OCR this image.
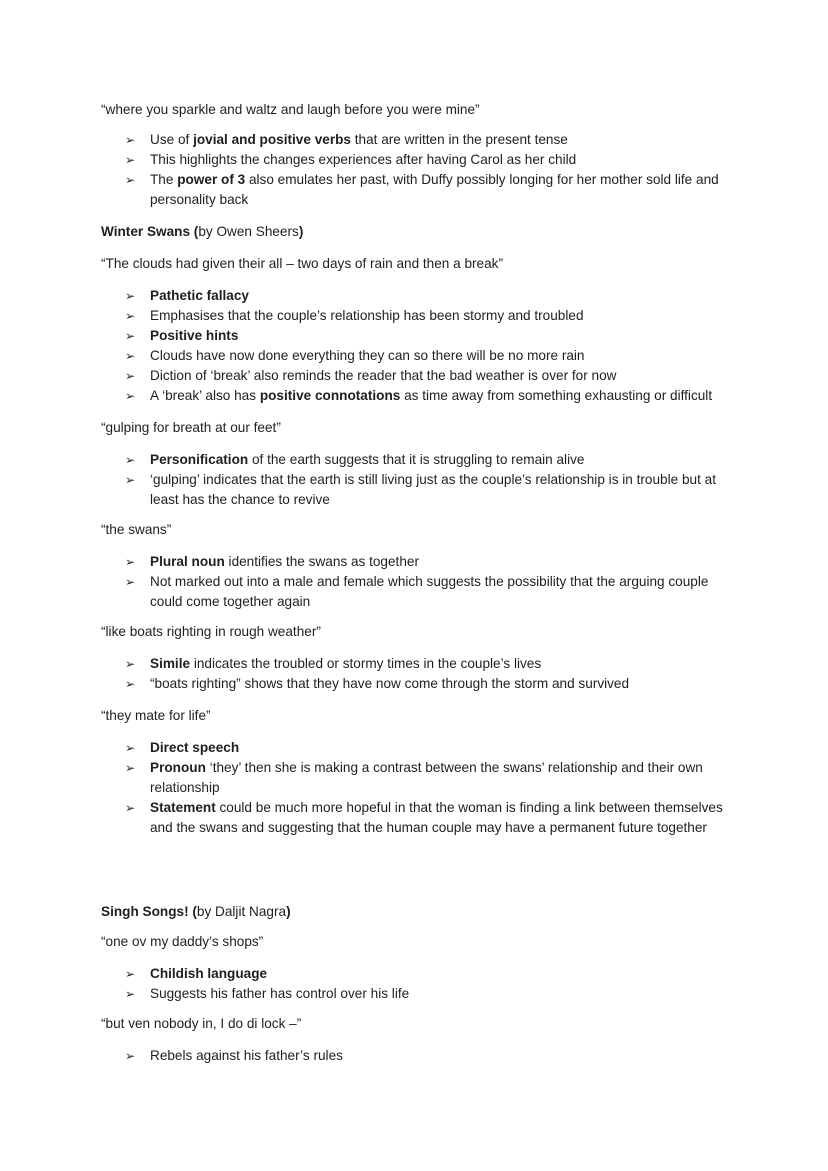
“where you sparkle and waltz and laugh before you were mine”

➢ Use of jovial and positive verbs that are written in the present tense
➢ This highlights the changes experiences after having Carol as her child
➢ The power of 3 also emulates her past, with Duffy possibly longing for her mother sold life and personality back

Winter Swans (by Owen Sheers)

“The clouds had given their all – two days of rain and then a break”

➢ Pathetic fallacy
➢ Emphasises that the couple’s relationship has been stormy and troubled
➢ Positive hints
➢ Clouds have now done everything they can so there will be no more rain
➢ Diction of ‘break’ also reminds the reader that the bad weather is over for now
➢ A ‘break’ also has positive connotations as time away from something exhausting or difficult

“gulping for breath at our feet”

➢ Personification of the earth suggests that it is struggling to remain alive
➢ ‘gulping’ indicates that the earth is still living just as the couple’s relationship is in trouble but at least has the chance to revive

“the swans”

➢ Plural noun identifies the swans as together
➢ Not marked out into a male and female which suggests the possibility that the arguing couple could come together again

“like boats righting in rough weather”

➢ Simile indicates the troubled or stormy times in the couple’s lives
➢ “boats righting” shows that they have now come through the storm and survived

“they mate for life”

➢ Direct speech
➢ Pronoun ‘they’ then she is making a contrast between the swans’ relationship and their own relationship
➢ Statement could be much more hopeful in that the woman is finding a link between themselves and the swans and suggesting that the human couple may have a permanent future together

Singh Songs! (by Daljit Nagra)

“one ov my daddy’s shops”

➢ Childish language
➢ Suggests his father has control over his life

“but ven nobody in, I do di lock –”

➢ Rebels against his father’s rules
